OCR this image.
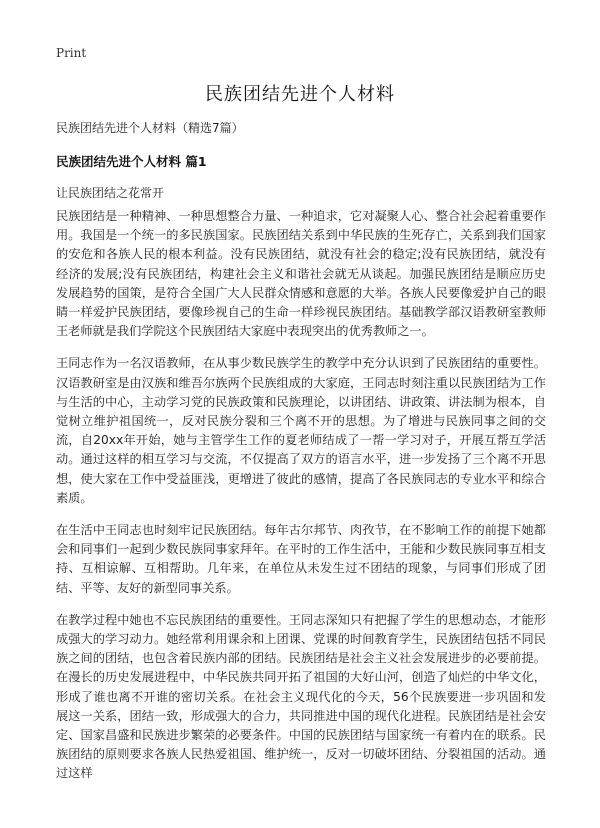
Print
民族团结先进个人材料
民族团结先进个人材料（精选7篇）
民族团结先进个人材料 篇1
让民族团结之花常开

民族团结是一种精神、一种思想整合力量、一种追求，它对凝聚人心、整合社会起着重要作用。我国是一个统一的多民族国家。民族团结关系到中华民族的生死存亡，关系到我们国家的安危和各族人民的根本利益。没有民族团结，就没有社会的稳定;没有民族团结，就没有经济的发展;没有民族团结，构建社会主义和谐社会就无从谈起。加强民族团结是顺应历史发展趋势的国策，是符合全国广大人民群众情感和意愿的大举。各族人民要像爱护自己的眼睛一样爱护民族团结，要像珍视自己的生命一样珍视民族团结。基础教学部汉语教研室教师王老师就是我们学院这个民族团结大家庭中表现突出的优秀教师之一。

王同志作为一名汉语教师，在从事少数民族学生的教学中充分认识到了民族团结的重要性。汉语教研室是由汉族和维吾尔族两个民族组成的大家庭，王同志时刻注重以民族团结为工作与生活的中心，主动学习党的民族政策和民族理论，以讲团结、讲政策、讲法制为根本，自觉树立维护祖国统一，反对民族分裂和三个离不开的思想。为了增进与民族同事之间的交流，自20xx年开始，她与主管学生工作的夏老师结成了一帮一学习对子，开展互帮互学活动。通过这样的相互学习与交流，不仅提高了双方的语言水平，进一步发扬了三个离不开思想，使大家在工作中受益匪浅，更增进了彼此的感情，提高了各民族同志的专业水平和综合素质。

在生活中王同志也时刻牢记民族团结。每年古尔邦节、肉孜节，在不影响工作的前提下她都会和同事们一起到少数民族同事家拜年。在平时的工作生活中，王能和少数民族同事互相支持、互相谅解、互相帮助。几年来，在单位从未发生过不团结的现象，与同事们形成了团结、平等、友好的新型同事关系。

在教学过程中她也不忘民族团结的重要性。王同志深知只有把握了学生的思想动态，才能形成强大的学习动力。她经常利用课余和上团课、党课的时间教育学生，民族团结包括不同民族之间的团结，也包含着民族内部的团结。民族团结是社会主义社会发展进步的必要前提。在漫长的历史发展进程中，中华民族共同开拓了祖国的大好山河，创造了灿烂的中华文化，形成了谁也离不开谁的密切关系。在社会主义现代化的今天，56个民族要进一步巩固和发展这一关系，团结一致，形成强大的合力，共同推进中国的现代化进程。民族团结是社会安定、国家昌盛和民族进步繁荣的必要条件。中国的民族团结与国家统一有着内在的联系。民族团结的原则要求各族人民热爱祖国、维护统一，反对一切破坏团结、分裂祖国的活动。通过这样
